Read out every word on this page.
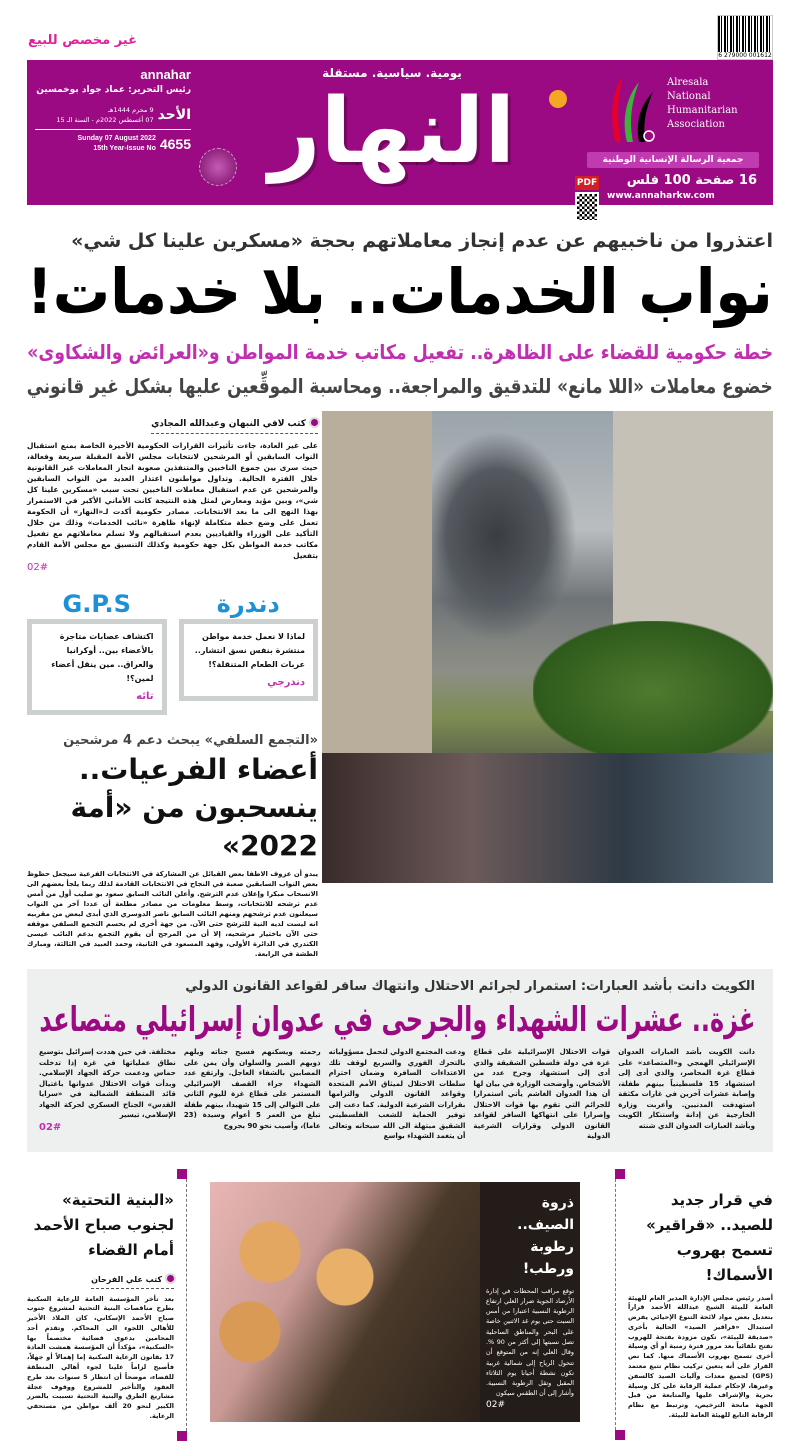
غير مخصص للبيع
6 279000 001612
Alresala
National
Humanitarian
Association
جمعية الرسالة الإنسانية الوطنية
PDF	16 صفحة 100 فلس
www.annaharkw.com
يومية. سياسية. مستقلة
النهار
annahar
رئيس التحرير: عماد جواد بوخمسين
9 محرم 1444هـ
07 أغسطس 2022م - السنة الـ 15 الأحد
Sunday 07 August 2022
15th Year-Issue No 4655
اعتذروا من ناخبيهم عن عدم إنجاز معاملاتهم بحجة «مسكرين علينا كل شي»
نواب الخدمات.. بلا خدمات!
خطة حكومية للقضاء على الظاهرة.. تفعيل مكاتب خدمة المواطن و«العرائض والشكاوى»
خضوع معاملات «اللا مانع» للتدقيق والمراجعة.. ومحاسبة الموقِّعين عليها بشكل غير قانوني
كتب لافي النبهان وعبدالله المجادي
على غير العادة، جاءت تأثيرات القرارات الحكومية الأخيرة الخاصة بمنع استقبال النواب السابقين أو المرشحين لانتخابات مجلس الأمة المقبلة سريعة وفعالة، حيث سرى بين جموع الناخبين والمتنفذين صعوبة انجاز المعاملات غير القانونية خلال الفترة الحالية. وتداول مواطنون اعتذار العديد من النواب السابقين والمرشحين عن عدم استقبال معاملات الناخبين تحت سبب «مسكرين علينا كل شي»، وبين مؤيد ومعارض لمثل هذه النتيجة كانت الأماني الأكبر في الاستمرار بهذا النهج الى ما بعد الانتخابات. مصادر حكومية أكدت لـ«النهار» أن الحكومة تعمل على وضع خطة متكاملة لإنهاء ظاهرة «نائب الخدمات» وذلك من خلال التأكيد على الوزراء والقياديين بعدم استقبالهم ولا تسلم معاملاتهم مع تفعيل مكاتب خدمة المواطن بكل جهة حكومية وكذلك التنسيق مع مجلس الأمة القادم بتفعيل
02#
G.P.S
اكتشاف عصابات متاجرة بالأعضاء بين.. أوكرانيا والعراق.. مين ينقل أعضاء لمين؟!
تائه
دندرة
لماذا لا نعمل خدمة مواطن منتشرة بنفس نسق انتشار.. عربات الطعام المتنقلة؟!
دندرجي
«التجمع السلفي» يبحث دعم 4 مرشحين
أعضاء الفرعيات.. ينسحبون من «أمة 2022»
يبدو أن عزوف الاطفا بعض القبائل عن المشاركة في الانتخابات الفرعية سيجعل حظوظ بعض النواب السابقين صعبة في النجاح في الانتخابات القادمة لذلك ربما يلجأ بعضهم الى الانسحاب مبكرا وإعلان عدم الترشح. وأعلن النائب السابق سعود بو صليب أول من أمس عدم ترشحه للانتخابات، وسط معلومات من مصادر مطلعة أن عددا آخر من النواب سيعلنون عدم ترشحهم ومنهم النائب السابق ناصر الدوسري الذي أبدى لبعض من مقربيه انه ليست لديه النية للترشح حتى الآن. من جهة أخرى لم يحسم التجمع السلفي موقفه حتى الآن باختيار مرشحيه، إلا أن من المرجح أن يقوم التجمع بدعم النائب عيسى الكندري في الدائرة الأولى، وفهد المسعود في الثانية، وحمد العبيد في الثالثة، ومبارك الطشة في الرابعة.
الكويت دانت بأشد العبارات: استمرار لجرائم الاحتلال وانتهاك سافر لقواعد القانون الدولي
غزة.. عشرات الشهداء والجرحى في عدوان إسرائيلي متصاعد
دانت الكويت بأشد العبارات العدوان الإسرائيلي الهمجي و«المتصاعد» على قطاع غزة المحاصر، والذي أدى إلى استشهاد 15 فلسطينياً بينهم طفلة، وإصابة عشرات آخرين في غارات مكثفة استهدفت المدنيين. وأعربت وزارة الخارجية عن إدانة واستنكار الكويت وبأشد العبارات العدوان الذي شنته
قوات الاحتلال الإسرائيلية على قطاع غزة في دولة فلسطين الشقيقة والذي أدى إلى استشهاد وجرح عدد من الأشخاص. وأوضحت الوزارة في بيان لها أن هذا العدوان الغاشم يأتي استمرارا للجرائم التي تقوم بها قوات الاحتلال وإصرارا على انتهاكها السافر لقواعد القانون الدولي وقرارات الشرعية الدولية
ودعت المجتمع الدولي لتحمل مسؤولياته بالتحرك الفوري والسريع لوقف تلك الاعتداءات السافرة وضمان احترام سلطات الاحتلال لميثاق الأمم المتحدة وقواعد القانون الدولي والتزامها بقرارات الشرعية الدولية. كما دعت إلى توفير الحماية للشعب الفلسطيني الشقيق مبتهلة الى الله سبحانه وتعالى أن يتغمد الشهداء بواسع
رحمته ويسكنهم فسيح جناته ويلهم ذويهم الصبر والسلوان وأن يمن على المصابين بالشفاء العاجل. وارتفع عدد الشهداء جراء القصف الإسرائيلي المستمر على قطاع غزة لليوم الثاني على التوالي إلى 15 شهيدا، بينهم طفلة تبلغ من العمر 5 أعوام وسيدة (23 عاما)، وأصيب نحو 90 بجروح
مختلفة. في حين هددت إسرائيل بتوسيع نطاق عملياتها في غزة إذا تدخلت حماس ودعمت حركة الجهاد الإسلامي. وبدأت قوات الاحتلال عدوانها باغتيال قائد المنطقة الشمالية في «سرايا القدس» الجناح العسكري لحركة الجهاد الإسلامي، تيسير
02#
«البنية التحتية» لجنوب صباح الأحمد أمام القضاء
كتب علي الفرحان
بعد تأخر المؤسسة العامة للرعاية السكنية بطرح مناقصات البنية التحتية لمشروع جنوب صباح الأحمد الإسكاني، كان الملاذ الأخير للأهالي اللجوء الى المحاكم. وتقدم أحد المحامين بدعوى قضائية مختصماً بها «السكنية»، مؤكداً أن المؤسسة همشت المادة 17 بقانون الرعاية السكنية إما إهمالاً أو جهلاً، فأصبح لزاماً علينا لجوء أهالي المنطقة للقضاء، موضحاً أن انتظار 5 سنوات بعد طرح العقود والتأخير للمشروع ووقوف عجلة مشاريع الطرق والبنية التحتية تسببت بالضرر الكبير لنحو 20 ألف مواطن من مستحقي الرعاية.
ذروة الصيف.. رطوبة ورطب!
توقع مراقب المحطات في إدارة الأرصاد الجوية ضرار العلي ارتفاع الرطوبة النسبية اعتبارا من أمس السبت حتى يوم غد الاثنين خاصة على البحر والمناطق الساحلية تصل نسبتها إلى أكثر من 90 %. وقال العلي إنه من المتوقع أن تتحول الرياح إلى شمالية غربية تكون نشطة أحيانا يوم الثلاثاء المقبل وتقل الرطوبة النسبية. وأشار إلى أن الطقس سيكون
02#
في قرار جديد للصيد.. «قراقير» تسمح بهروب الأسماك!
أصدر رئيس مجلس الإدارة المدير العام للهيئة العامة للبيئة الشيخ عبدالله الأحمد قراراً بتعديل بعض مواد لائحة التنوع الإحيائي يفرض استبدال «قراقير الصيد» الحالية بأخرى «صديقة للبيئة»، تكون مزودة بفتحة للهروب تفتح تلقائياً بعد مرور فترة زمنية أو أي وسيلة أخرى تسمح بهروب الأسماك منها. كما نص القرار على أنه يتعين تركيب نظام تتبع معتمد (GPS) لجميع معدات وآليات الصيد كالسفن وغيرها، لإحكام عملية الرقابة على كل وسيلة بحرية والإشراف عليها والمتابعة من قبل الجهة مانحة الترخيص، وترتبط مع نظام الرقابة التابع للهيئة العامة للبيئة.
